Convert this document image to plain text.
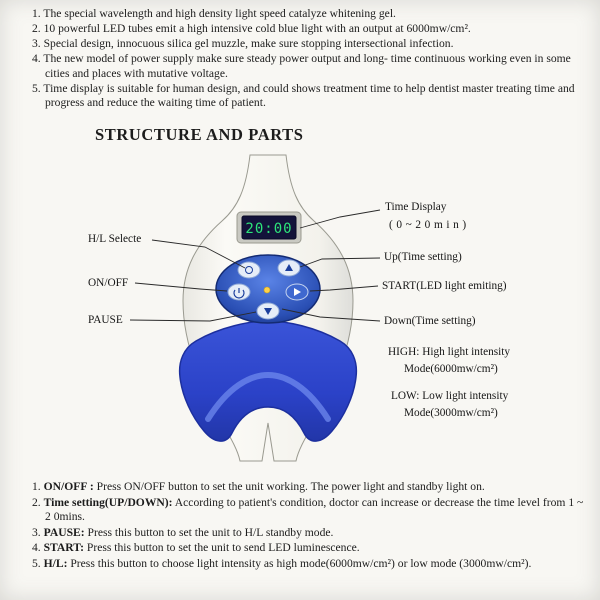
1. The special wavelength and high density light speed catalyze whitening gel.
2. 10 powerful LED tubes emit a high intensive cold blue light with an output at 6000mw/cm².
3. Special design, innocuous silica gel muzzle, make sure stopping intersectional infection.
4. The new model of power supply make sure steady power output and long- time continuous working even in some cities and places with mutative voltage.
5. Time display is suitable for human design, and could shows treatment time to help dentist master treating time and progress and reduce the waiting time of patient.
STRUCTURE AND PARTS
20:00
Time Display
( 0 ~ 2 0 m i n )
H/L Selecte
Up(Time setting)
ON/OFF	START(LED light emiting)
PAUSE	Down(Time setting)
HIGH: High light intensity
Mode(6000mw/cm²)
LOW: Low light intensity
Mode(3000mw/cm²)
1. ON/OFF : Press ON/OFF button to set the unit working. The power light and standby light on.
2. Time setting(UP/DOWN): According to patient's condition, doctor can increase or decrease the time level from 1 ~ 2 0mins.
3. PAUSE: Press this button to set the unit to H/L standby mode.
4. START: Press this button to set the unit to send LED luminescence.
5. H/L: Press this button to choose light intensity as high mode(6000mw/cm²) or low mode (3000mw/cm²).
